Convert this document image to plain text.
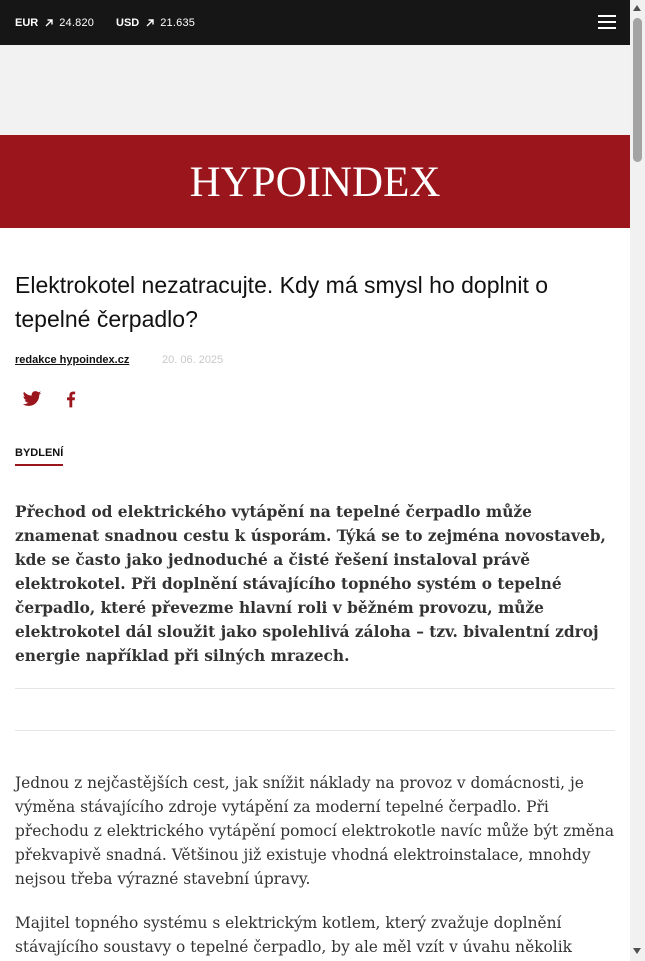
EUR 24.820 USD 21.635
HYPOINDEX
Elektrokotel nezatracujte. Kdy má smysl ho doplnit o tepelné čerpadlo?
redakce hypoindex.cz	20. 06. 2025
BYDLENÍ

Přechod od elektrického vytápění na tepelné čerpadlo může znamenat snadnou cestu k úsporám. Týká se to zejména novostaveb, kde se často jako jednoduché a čisté řešení instaloval právě elektrokotel. Při doplnění stávajícího topného systém o tepelné čerpadlo, které převezme hlavní roli v běžném provozu, může elektrokotel dál sloužit jako spolehlivá záloha – tzv. bivalentní zdroj energie například při silných mrazech.

Jednou z nejčastějších cest, jak snížit náklady na provoz v domácnosti, je výměna stávajícího zdroje vytápění za moderní tepelné čerpadlo. Při přechodu z elektrického vytápění pomocí elektrokotle navíc může být změna překvapivě snadná. Většinou již existuje vhodná elektroinstalace, mnohdy nejsou třeba výrazné stavební úpravy.

Majitel topného systému s elektrickým kotlem, který zvažuje doplnění stávajícího soustavy o tepelné čerpadlo, by ale měl vzít v úvahu několik
